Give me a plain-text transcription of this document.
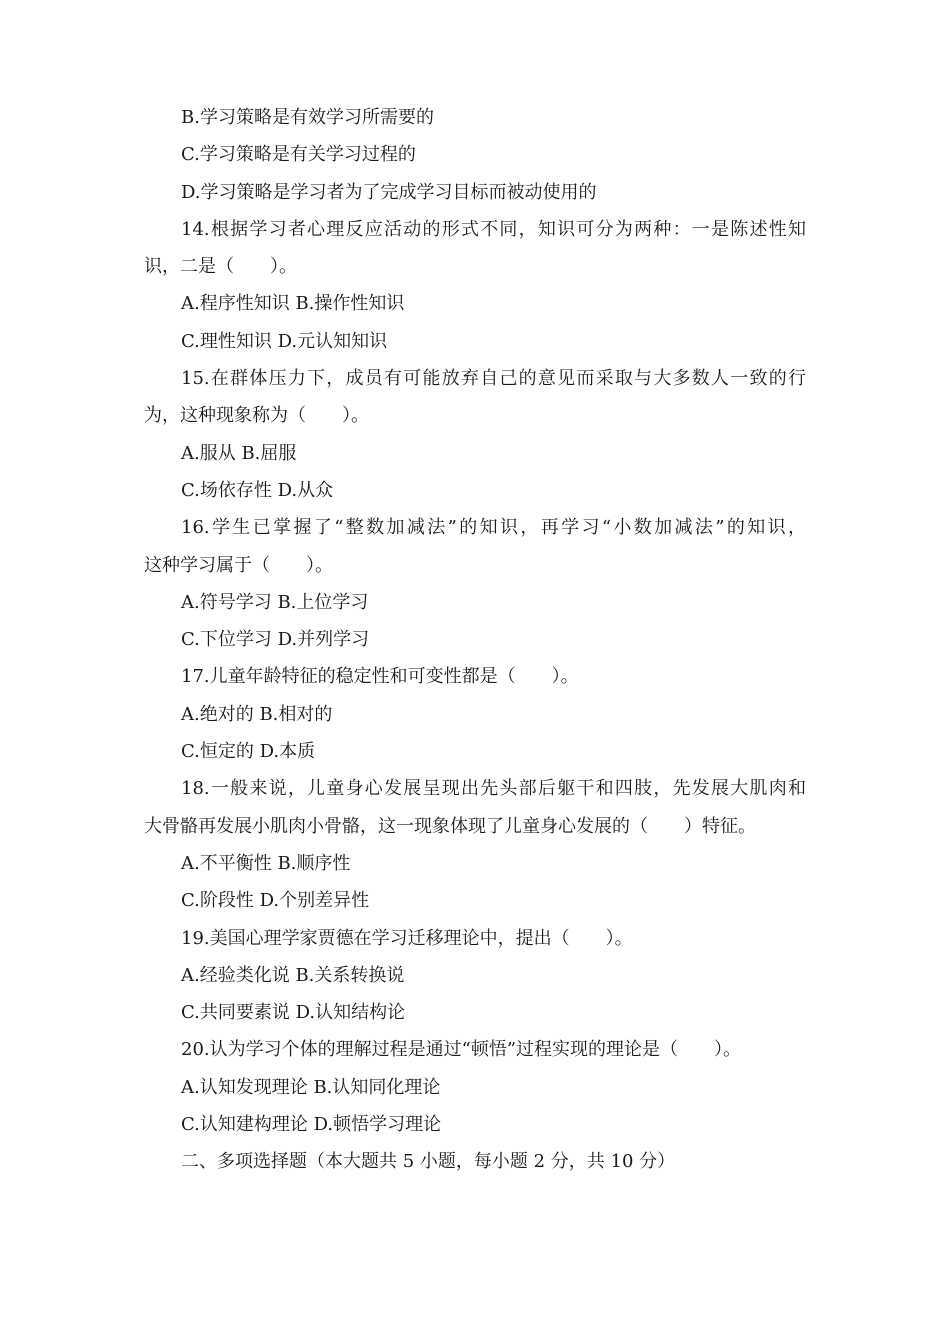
B.学习策略是有效学习所需要的
C.学习策略是有关学习过程的
D.学习策略是学习者为了完成学习目标而被动使用的
14.根据学习者心理反应活动的形式不同，知识可分为两种：一是陈述性知
识，二是（　　）。
A.程序性知识 B.操作性知识
C.理性知识 D.元认知知识
15.在群体压力下，成员有可能放弃自己的意见而采取与大多数人一致的行
为，这种现象称为（　　）。
A.服从 B.屈服
C.场依存性 D.从众
16.学生已掌握了“整数加减法”的知识，再学习“小数加减法”的知识，
这种学习属于（　　）。
A.符号学习 B.上位学习
C.下位学习 D.并列学习
17.儿童年龄特征的稳定性和可变性都是（　　）。
A.绝对的 B.相对的
C.恒定的 D.本质
18.一般来说，儿童身心发展呈现出先头部后躯干和四肢，先发展大肌肉和
大骨骼再发展小肌肉小骨骼，这一现象体现了儿童身心发展的（　　）特征。
A.不平衡性 B.顺序性
C.阶段性 D.个别差异性
19.美国心理学家贾德在学习迁移理论中，提出（　　）。
A.经验类化说 B.关系转换说
C.共同要素说 D.认知结构论
20.认为学习个体的理解过程是通过“顿悟”过程实现的理论是（　　）。
A.认知发现理论 B.认知同化理论
C.认知建构理论 D.顿悟学习理论
二、多项选择题（本大题共 5 小题，每小题 2 分，共 10 分）
